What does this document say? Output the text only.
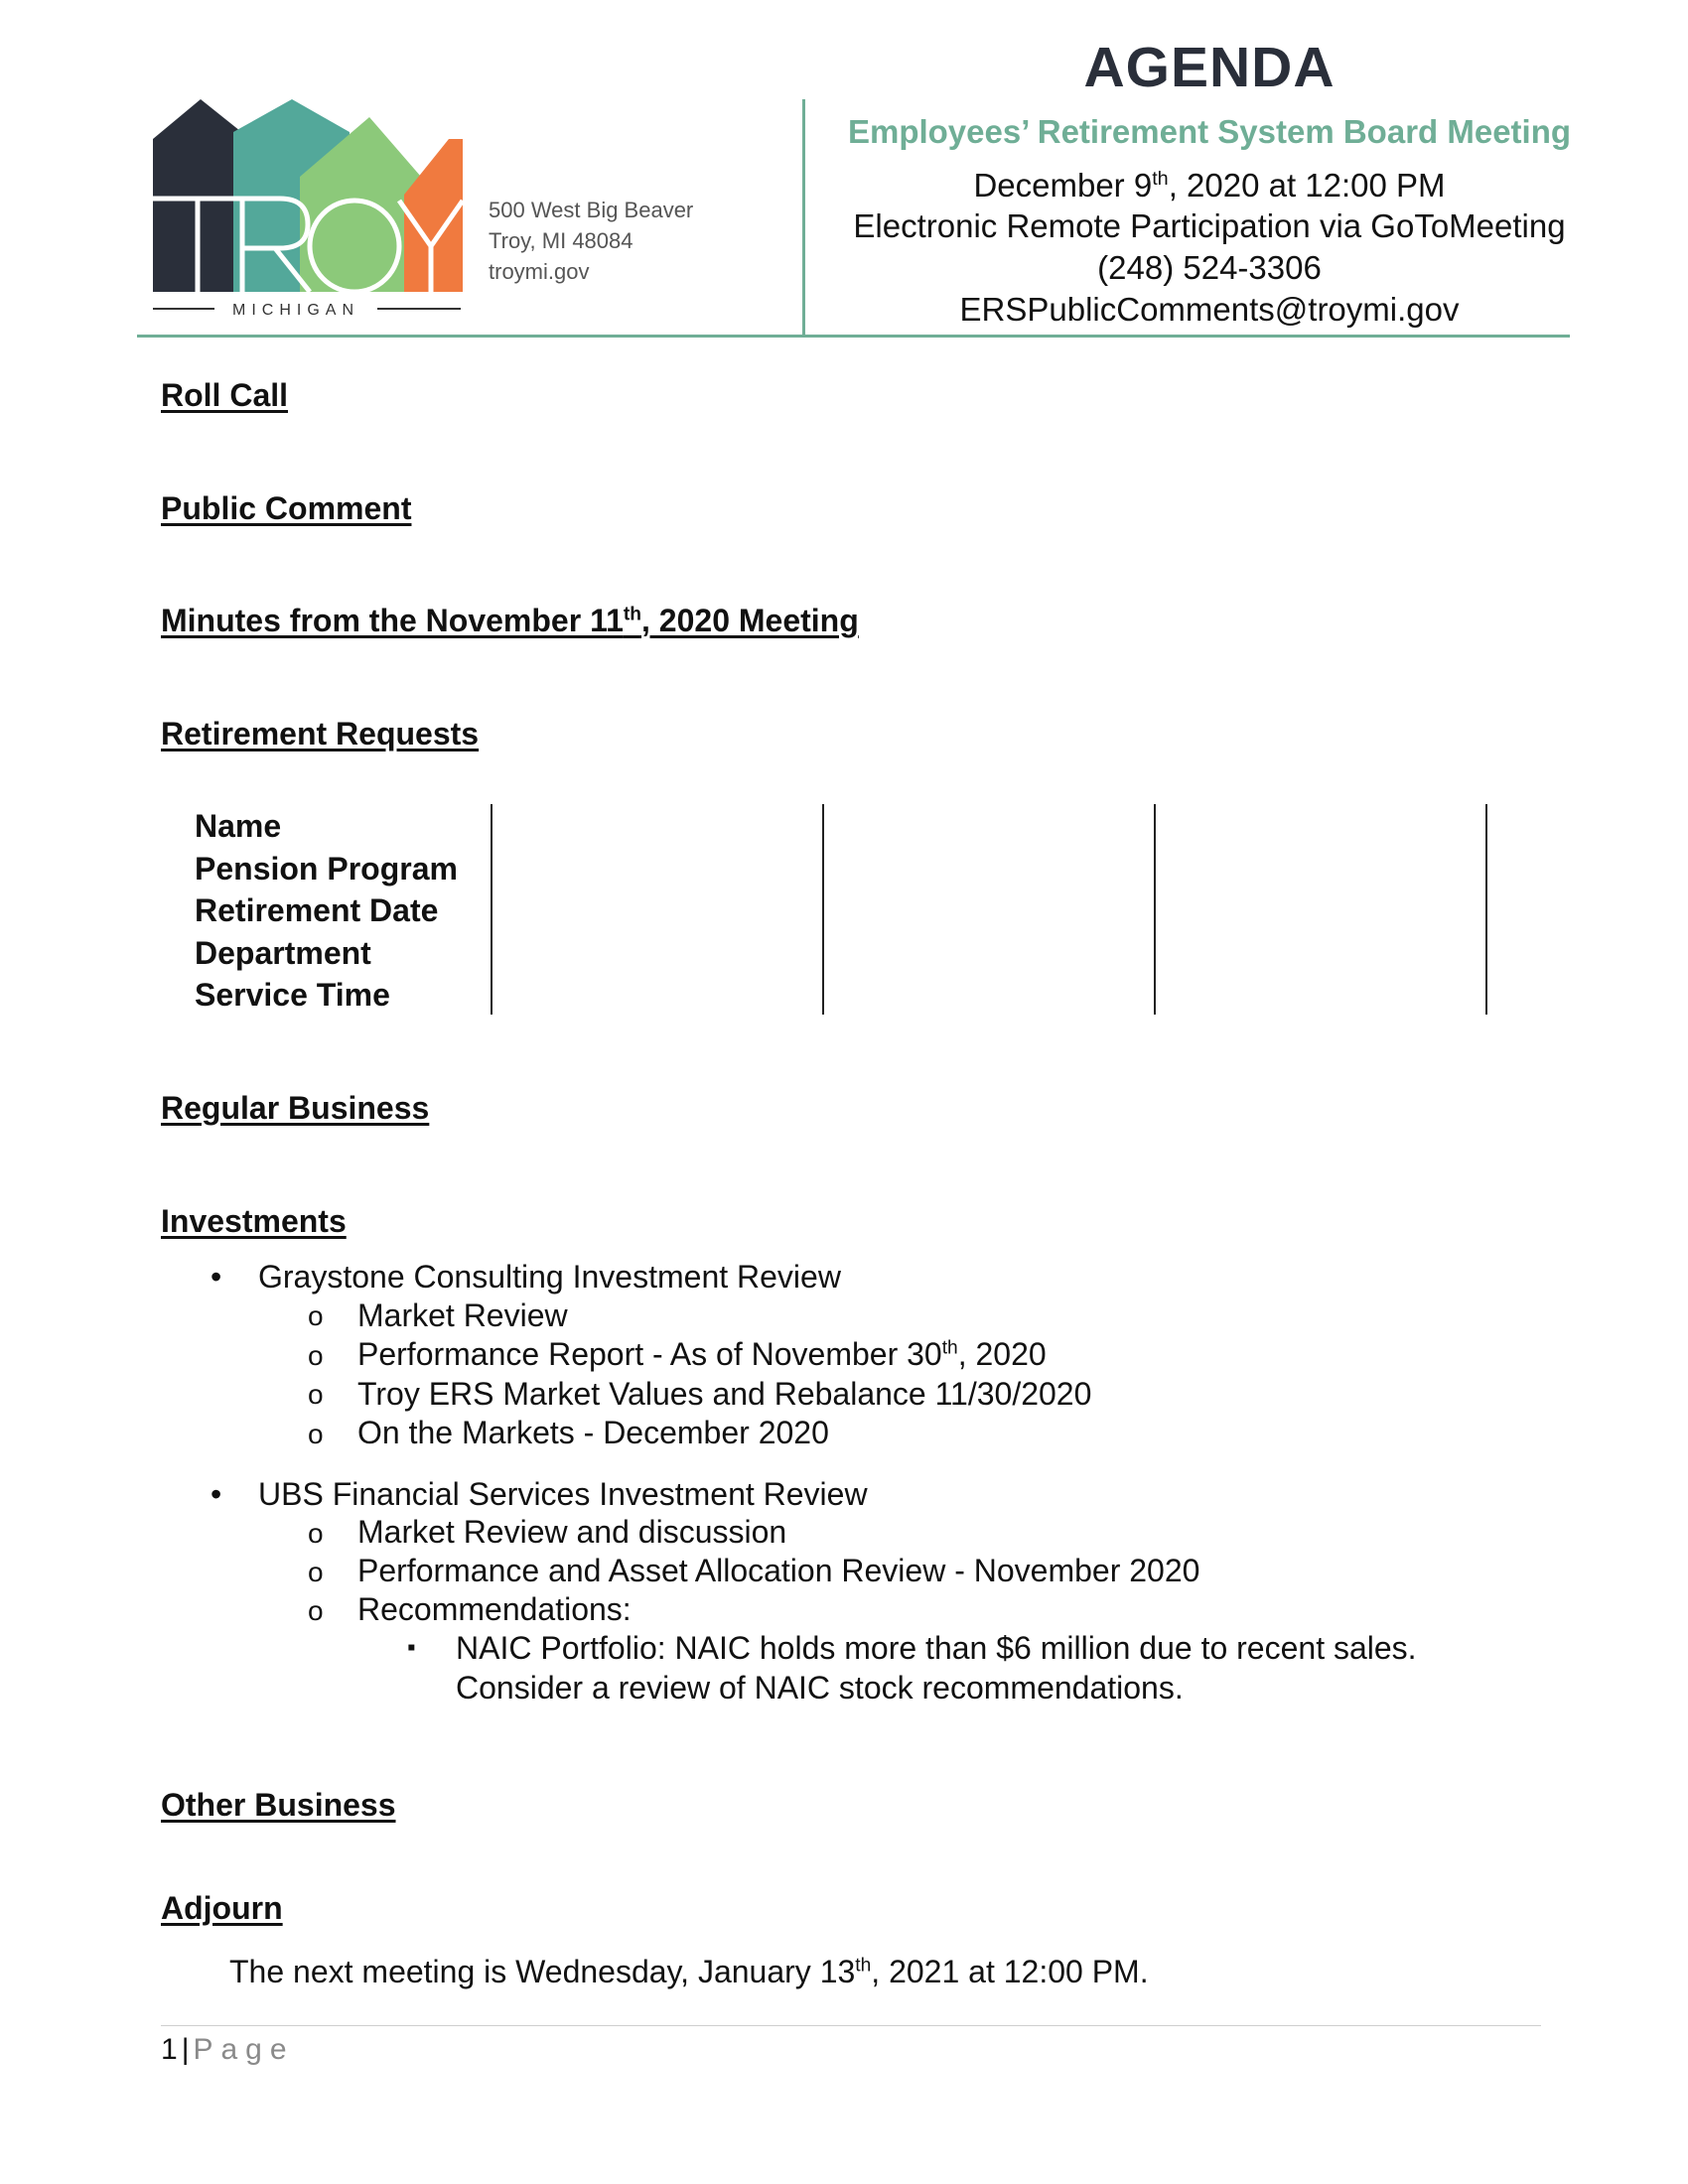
MICHIGAN
500 West Big Beaver
Troy, MI 48084
troymi.gov
AGENDA
Employees’ Retirement System Board Meeting
December 9th, 2020 at 12:00 PM
Electronic Remote Participation via GoToMeeting
(248) 524-3306
ERSPublicComments@troymi.gov
Roll Call
Public Comment
Minutes from the November 11th, 2020 Meeting
Retirement Requests
Name
Pension Program
Retirement Date
Department
Service Time
Regular Business
Investments
• Graystone Consulting Investment Review
o Market Review
o Performance Report - As of November 30th, 2020
o Troy ERS Market Values and Rebalance 11/30/2020
o On the Markets - December 2020
• UBS Financial Services Investment Review
o Market Review and discussion
o Performance and Asset Allocation Review - November 2020
o Recommendations:
▪ NAIC Portfolio: NAIC holds more than $6 million due to recent sales.
Consider a review of NAIC stock recommendations.
Other Business
Adjourn
The next meeting is Wednesday, January 13th, 2021 at 12:00 PM.
1 | Page
